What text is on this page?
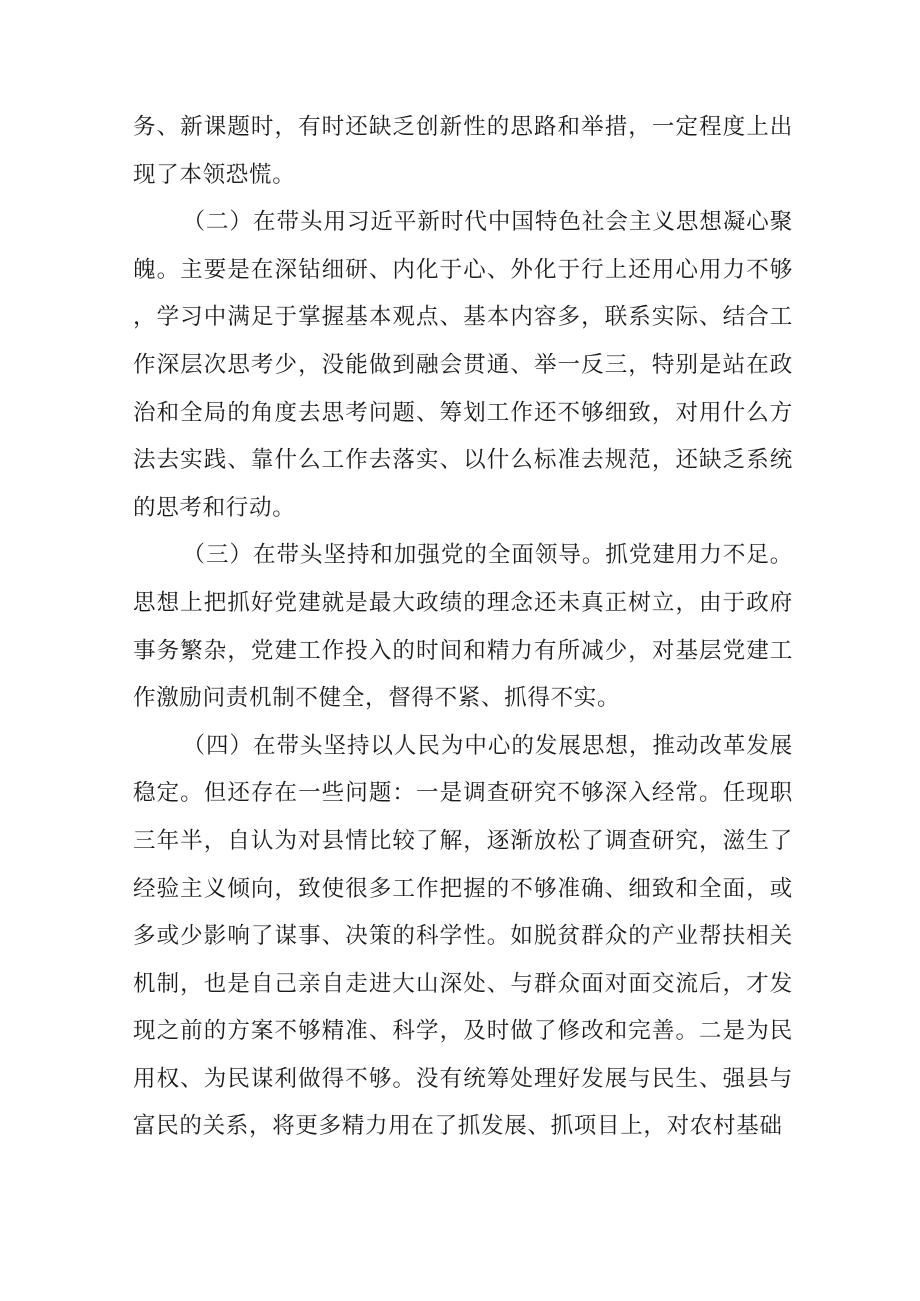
务、新课题时，有时还缺乏创新性的思路和举措，一定程度上出现了本领恐慌。

（二）在带头用习近平新时代中国特色社会主义思想凝心聚魄。主要是在深钻细研、内化于心、外化于行上还用心用力不够，学习中满足于掌握基本观点、基本内容多，联系实际、结合工作深层次思考少，没能做到融会贯通、举一反三，特别是站在政治和全局的角度去思考问题、筹划工作还不够细致，对用什么方法去实践、靠什么工作去落实、以什么标准去规范，还缺乏系统的思考和行动。

（三）在带头坚持和加强党的全面领导。抓党建用力不足。思想上把抓好党建就是最大政绩的理念还未真正树立，由于政府事务繁杂，党建工作投入的时间和精力有所减少，对基层党建工作激励问责机制不健全，督得不紧、抓得不实。

（四）在带头坚持以人民为中心的发展思想，推动改革发展稳定。但还存在一些问题：一是调查研究不够深入经常。任现职三年半，自认为对县情比较了解，逐渐放松了调查研究，滋生了经验主义倾向，致使很多工作把握的不够准确、细致和全面，或多或少影响了谋事、决策的科学性。如脱贫群众的产业帮扶相关机制，也是自己亲自走进大山深处、与群众面对面交流后，才发现之前的方案不够精准、科学，及时做了修改和完善。二是为民用权、为民谋利做得不够。没有统筹处理好发展与民生、强县与富民的关系，将更多精力用在了抓发展、抓项目上，对农村基础
